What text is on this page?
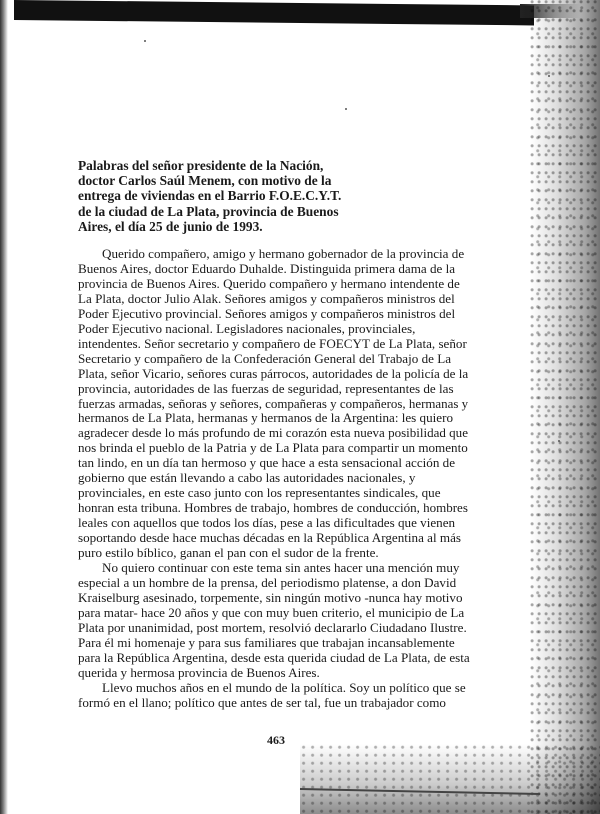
Palabras del señor presidente de la Nación,
doctor Carlos Saúl Menem, con motivo de la
entrega de viviendas en el Barrio F.O.E.C.Y.T.
de la ciudad de La Plata, provincia de Buenos
Aires, el día 25 de junio de 1993.
Querido compañero, amigo y hermano gobernador de la provincia de
Buenos Aires, doctor Eduardo Duhalde. Distinguida primera dama de la
provincia de Buenos Aires. Querido compañero y hermano intendente de
La Plata, doctor Julio Alak. Señores amigos y compañeros ministros del
Poder Ejecutivo provincial. Señores amigos y compañeros ministros del
Poder Ejecutivo nacional. Legisladores nacionales, provinciales,
intendentes. Señor secretario y compañero de FOECYT de La Plata, señor
Secretario y compañero de la Confederación General del Trabajo de La
Plata, señor Vicario, señores curas párrocos, autoridades de la policía de la
provincia, autoridades de las fuerzas de seguridad, representantes de las
fuerzas armadas, señoras y señores, compañeras y compañeros, hermanas y
hermanos de La Plata, hermanas y hermanos de la Argentina: les quiero
agradecer desde lo más profundo de mi corazón esta nueva posibilidad que
nos brinda el pueblo de la Patria y de La Plata para compartir un momento
tan lindo, en un día tan hermoso y que hace a esta sensacional acción de
gobierno que están llevando a cabo las autoridades nacionales, y
provinciales, en este caso junto con los representantes sindicales, que
honran esta tribuna. Hombres de trabajo, hombres de conducción, hombres
leales con aquellos que todos los días, pese a las dificultades que vienen
soportando desde hace muchas décadas en la República Argentina al más
puro estilo bíblico, ganan el pan con el sudor de la frente.
No quiero continuar con este tema sin antes hacer una mención muy
especial a un hombre de la prensa, del periodismo platense, a don David
Kraiselburg asesinado, torpemente, sin ningún motivo -nunca hay motivo
para matar- hace 20 años y que con muy buen criterio, el municipio de La
Plata por unanimidad, post mortem, resolvió declararlo Ciudadano Ilustre.
Para él mi homenaje y para sus familiares que trabajan incansablemente
para la República Argentina, desde esta querida ciudad de La Plata, de esta
querida y hermosa provincia de Buenos Aires.
Llevo muchos años en el mundo de la política. Soy un político que se
formó en el llano; político que antes de ser tal, fue un trabajador como
463
